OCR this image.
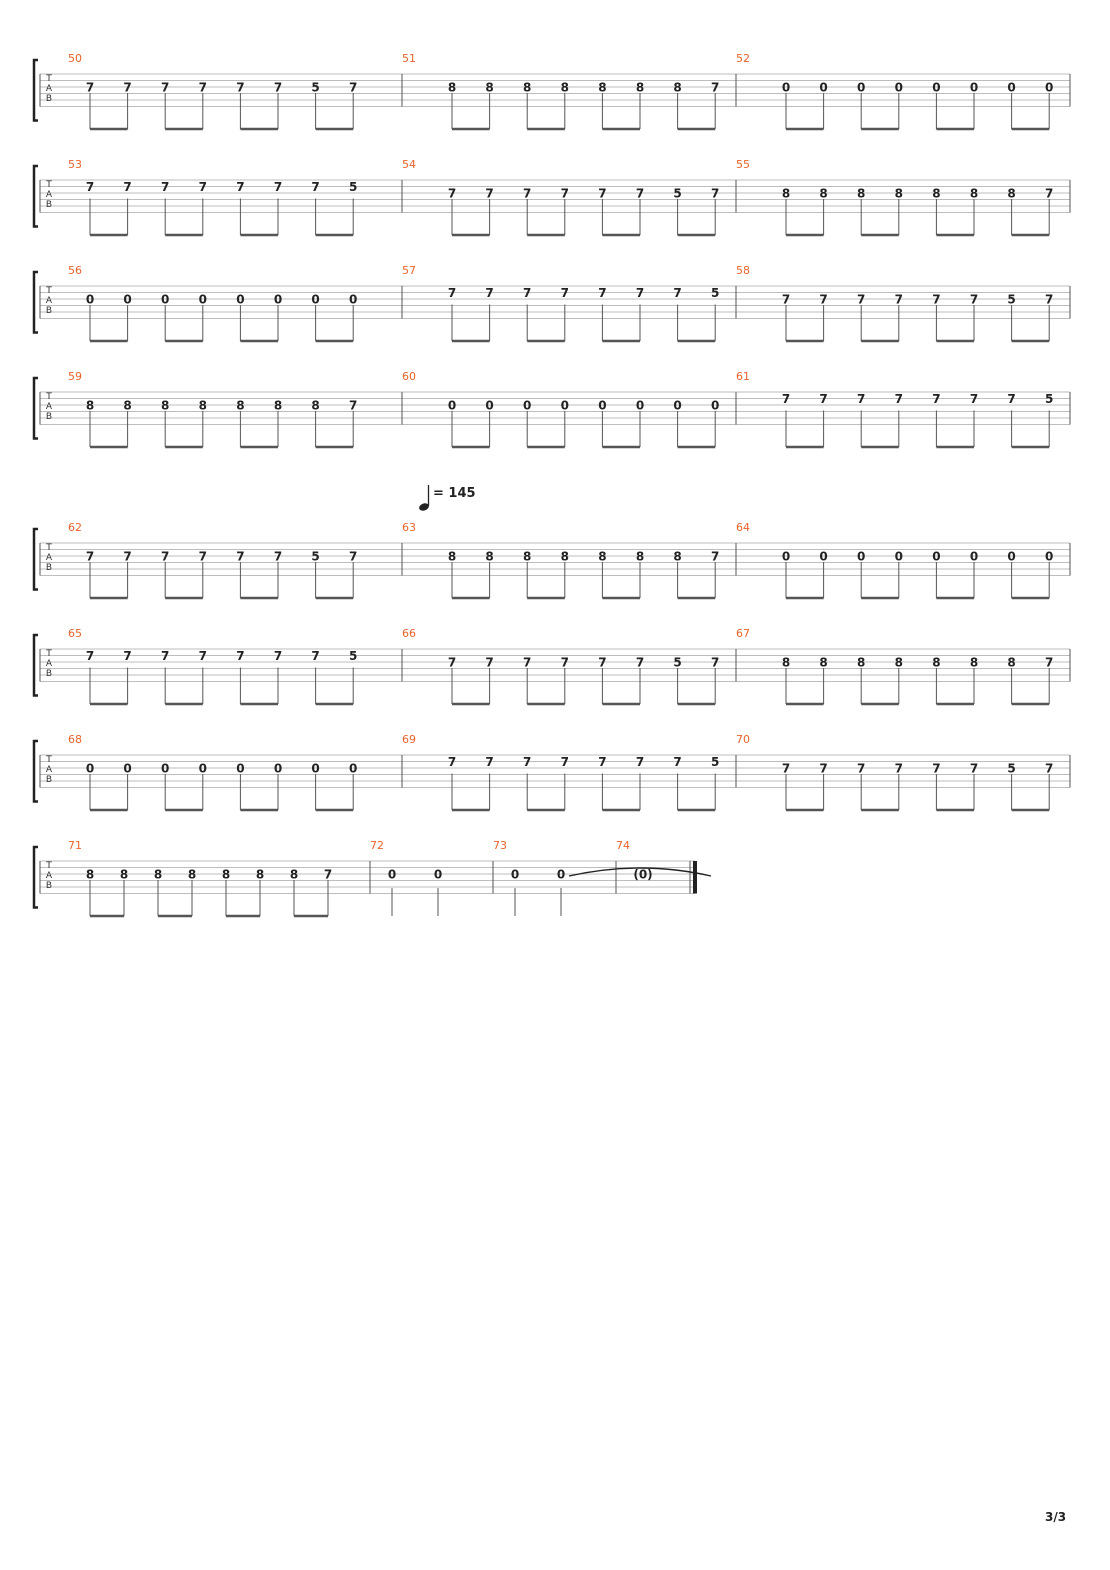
T
A
B
50
7 7 7 7 7 7 5 7
51
8 8 8 8 8 8 8 7
52
0 0 0 0 0 0 0 0
T
A
B
53
7 7 7 7 7 7 7 5
54
7 7 7 7 7 7 5 7
55
8 8 8 8 8 8 8 7
T
A
B
56
0 0 0 0 0 0 0 0
57
7 7 7 7 7 7 7 5
58
7 7 7 7 7 7 5 7
T
A
B
59
8 8 8 8 8 8 8 7
60
0 0 0 0 0 0 0 0
61
7 7 7 7 7 7 7 5
T
A
B
62
7 7 7 7 7 7 5 7
63
8 8 8 8 8 8 8 7
64
0 0 0 0 0 0 0 0
T
A
B
65
7 7 7 7 7 7 7 5
66
7 7 7 7 7 7 5 7
67
8 8 8 8 8 8 8 7
T
A
B
68
0 0 0 0 0 0 0 0
69
7 7 7 7 7 7 7 5
70
7 7 7 7 7 7 5 7
T
A
B
71
8 8 8 8 8 8 8 7
72
0	0
73
0	0
74
(0)
= 145
3/3
